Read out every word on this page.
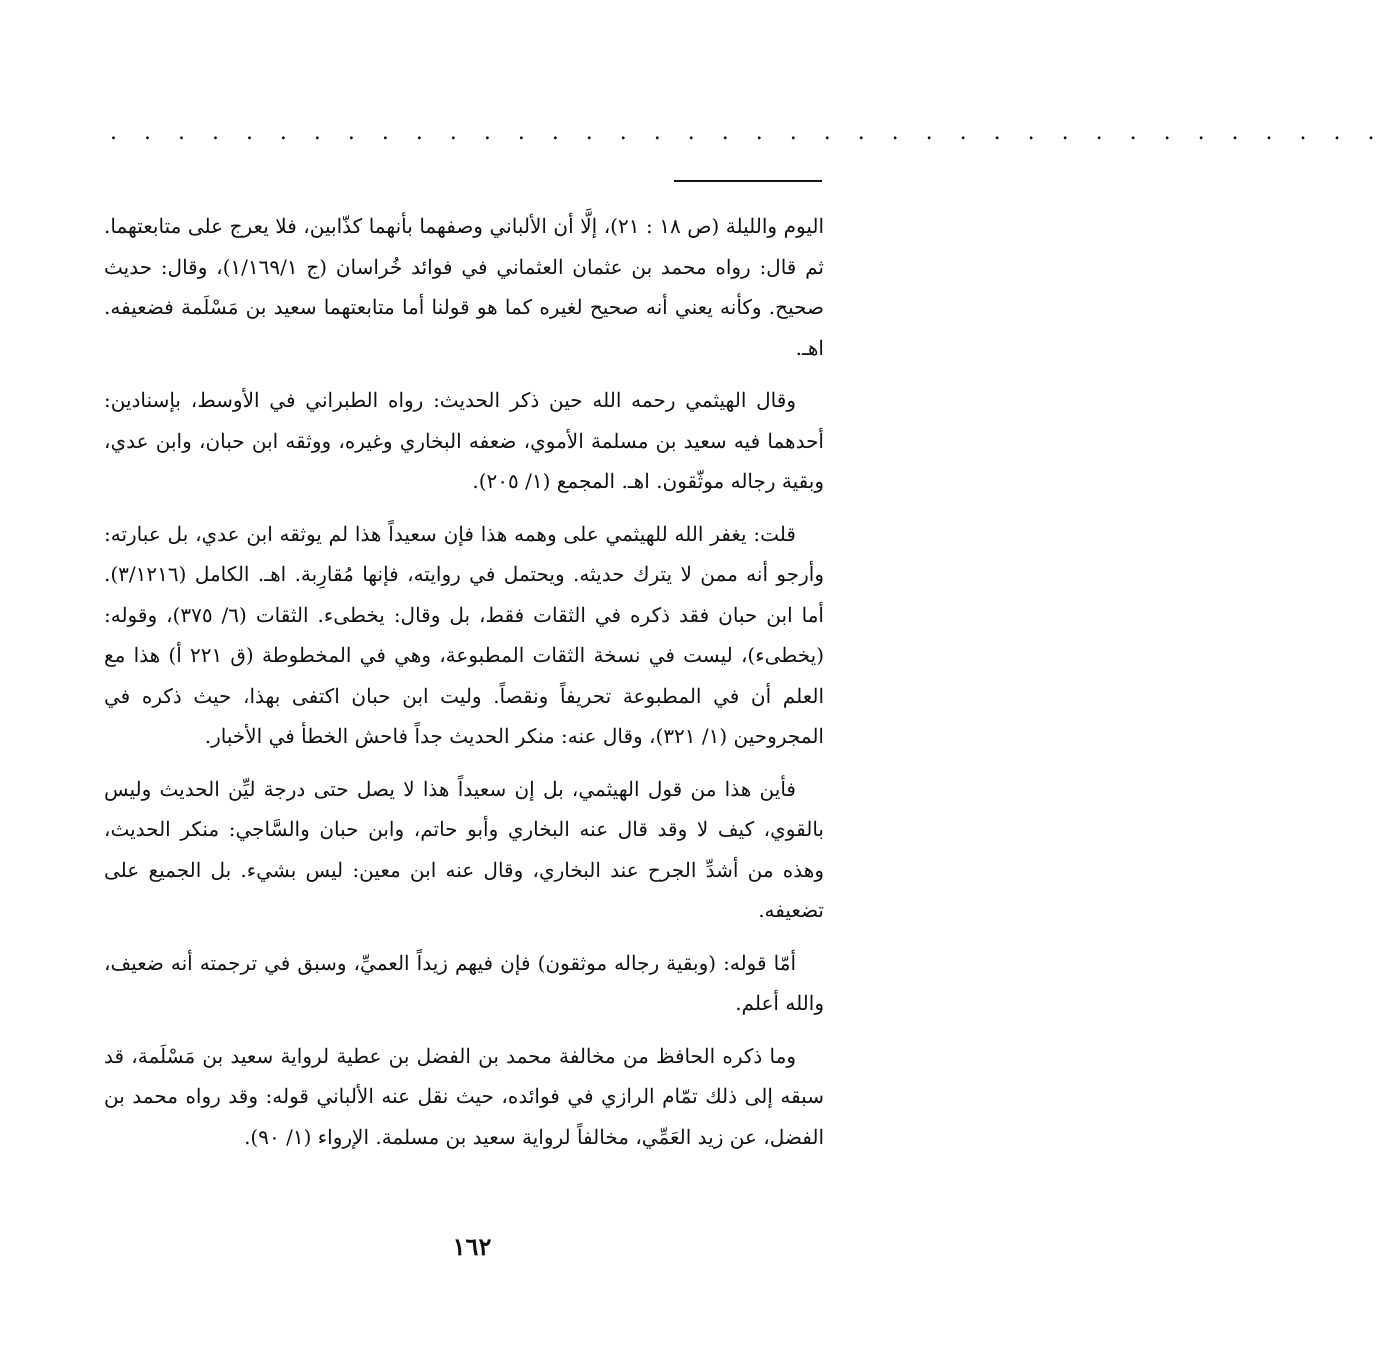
. . . . . . . . . . . . . . . . . . . . . . . . . . . . . . . . . . . . . .

اليوم والليلة (ص ١٨ : ٢١)، إلَّا أن الألباني وصفهما بأنهما كذّابين، فلا يعرج على متابعتهما. ثم قال: رواه محمد بن عثمان العثماني في فوائد خُراسان (ج ١/١٦٩/١)، وقال: حديث صحيح. وكأنه يعني أنه صحيح لغيره كما هو قولنا أما متابعتهما سعيد بن مَسْلَمة فضعيفه. اهـ.

وقال الهيثمي رحمه الله حين ذكر الحديث: رواه الطبراني في الأوسط، بإسنادين: أحدهما فيه سعيد بن مسلمة الأموي، ضعفه البخاري وغيره، ووثقه ابن حبان، وابن عدي، وبقية رجاله موثّقون. اهـ. المجمع (١/ ٢٠٥).

قلت: يغفر الله للهيثمي على وهمه هذا فإن سعيداً هذا لم يوثقه ابن عدي، بل عبارته: وأرجو أنه ممن لا يترك حديثه. ويحتمل في روايته، فإنها مُقارِبة. اهـ. الكامل (٣/١٢١٦). أما ابن حبان فقد ذكره في الثقات فقط، بل وقال: يخطىء. الثقات (٦/ ٣٧٥)، وقوله: (يخطىء)، ليست في نسخة الثقات المطبوعة، وهي في المخطوطة (ق ٢٢١ أ) هذا مع العلم أن في المطبوعة تحريفاً ونقصاً. وليت ابن حبان اكتفى بهذا، حيث ذكره في المجروحين (١/ ٣٢١)، وقال عنه: منكر الحديث جداً فاحش الخطأ في الأخبار.

فأين هذا من قول الهيثمي، بل إن سعيداً هذا لا يصل حتى درجة ليِّن الحديث وليس بالقوي، كيف لا وقد قال عنه البخاري وأبو حاتم، وابن حبان والسَّاجي: منكر الحديث، وهذه من أشدِّ الجرح عند البخاري، وقال عنه ابن معين: ليس بشيء. بل الجميع على تضعيفه.

أمّا قوله: (وبقية رجاله موثقون) فإن فيهم زيداً العميِّ، وسبق في ترجمته أنه ضعيف، والله أعلم.

وما ذكره الحافظ من مخالفة محمد بن الفضل بن عطية لرواية سعيد بن مَسْلَمة، قد سبقه إلى ذلك تمّام الرازي في فوائده، حيث نقل عنه الألباني قوله: وقد رواه محمد بن الفضل، عن زيد العَمِّي، مخالفاً لرواية سعيد بن مسلمة. الإرواء (١/ ٩٠).

١٦٢
